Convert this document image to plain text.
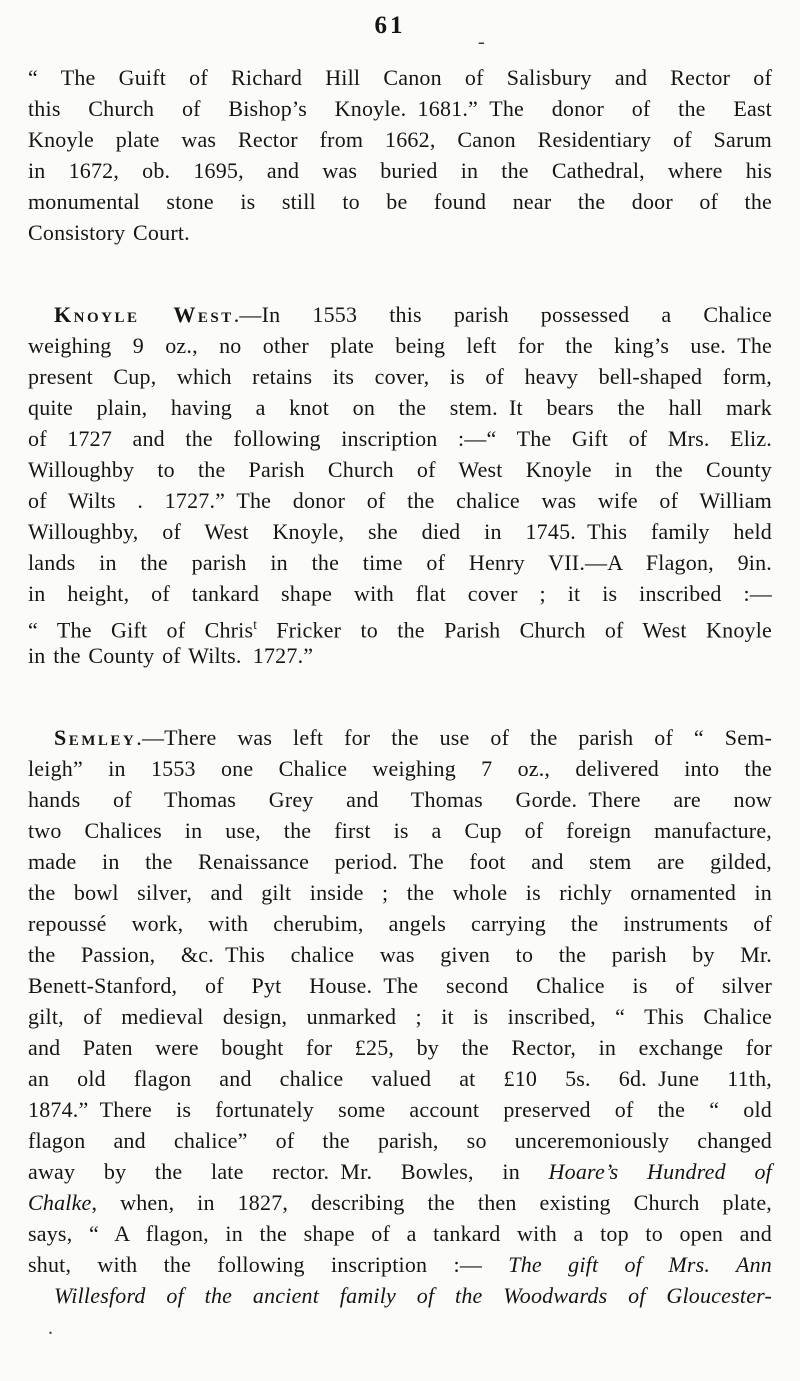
61
“ The Guift of Richard Hill Canon of Salisbury and Rector of
this Church of Bishop’s Knoyle. 1681.” The donor of the East
Knoyle plate was Rector from 1662, Canon Residentiary of Sarum
in 1672, ob. 1695, and was buried in the Cathedral, where his
monumental stone is still to be found near the door of the
Consistory Court.
Knoyle West.—In 1553 this parish possessed a Chalice
weighing 9 oz., no other plate being left for the king’s use. The
present Cup, which retains its cover, is of heavy bell-shaped form,
quite plain, having a knot on the stem. It bears the hall mark
of 1727 and the following inscription :—“ The Gift of Mrs. Eliz.
Willoughby to the Parish Church of West Knoyle in the County
of Wilts . 1727.” The donor of the chalice was wife of William
Willoughby, of West Knoyle, she died in 1745. This family held
lands in the parish in the time of Henry VII.—A Flagon, 9in.
in height, of tankard shape with flat cover ; it is inscribed :—
“ The Gift of Chris$^t$ Fricker to the Parish Church of West Knoyle
in the County of Wilts. 1727.”
Semley.—There was left for the use of the parish of “ Sem-
leigh” in 1553 one Chalice weighing 7 oz., delivered into the
hands of Thomas Grey and Thomas Gorde. There are now
two Chalices in use, the first is a Cup of foreign manufacture,
made in the Renaissance period. The foot and stem are gilded,
the bowl silver, and gilt inside ; the whole is richly ornamented in
repoussé work, with cherubim, angels carrying the instruments of
the Passion, &c. This chalice was given to the parish by Mr.
Benett-Stanford, of Pyt House. The second Chalice is of silver
gilt, of medieval design, unmarked ; it is inscribed, “ This Chalice
and Paten were bought for £25, by the Rector, in exchange for
an old flagon and chalice valued at £10 5s. 6d. June 11th,
1874.” There is fortunately some account preserved of the “ old
flagon and chalice” of the parish, so unceremoniously changed
away by the late rector. Mr. Bowles, in Hoare’s Hundred of
Chalke, when, in 1827, describing the then existing Church plate,
says, “ A flagon, in the shape of a tankard with a top to open and
shut, with the following inscription :— The gift of Mrs. Ann
Willesford of the ancient family of the Woodwards of Gloucester-
-
.
